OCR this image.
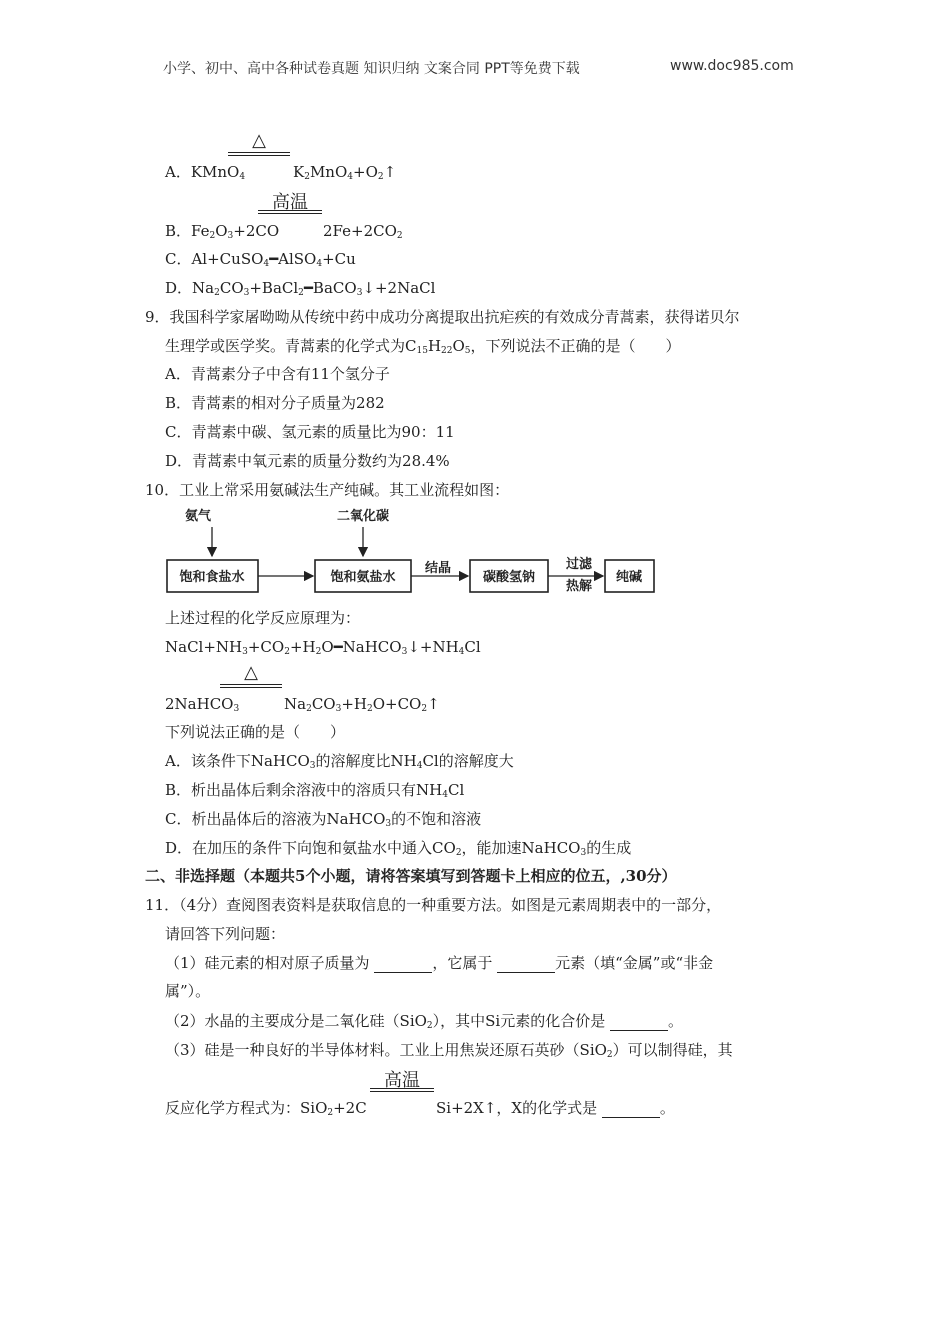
小学、初中、高中各种试卷真题 知识归纳 文案合同 PPT等免费下载	www.doc985.com
△
A．KMnO$_4$	$K_2MnO_4+O_2↑$
高温
B．$Fe_2O_3+2CO$	$2Fe+2CO_2$
C．Al+CuSO$_4$━AlSO$_4$+Cu
D．$Na_2CO_3+BaCl_2━BaCO_3↓+2NaCl$
9．我国科学家屠呦呦从传统中药中成功分离提取出抗疟疾的有效成分青蒿素，获得诺贝尔
生理学或医学奖。青蒿素的化学式为$C_{15}H_{22}O_5$，下列说法不正确的是（　　）
A．青蒿素分子中含有11个氢分子
B．青蒿素的相对分子质量为282
C．青蒿素中碳、氢元素的质量比为90：11
D．青蒿素中氧元素的质量分数约为28.4%
10．工业上常采用氨碱法生产纯碱。其工业流程如图：
氨气	二氧化碳
结晶	过滤
热解
饱和食盐水	饱和氨盐水	碳酸氢钠	纯碱
上述过程的化学反应原理为：
$NaCl+NH_3+CO_2+H_2O━NaHCO_3↓+NH_4Cl$
△
2NaHCO$_3$	$Na_2CO_3+H_2O+CO_2↑$
下列说法正确的是（　　）
A．该条件下NaHCO$_3$的溶解度比$NH_4Cl$的溶解度大
B．析出晶体后剩余溶液中的溶质只有$NH_4Cl$
C．析出晶体后的溶液为NaHCO$_3$的不饱和溶液
D．在加压的条件下向饱和氨盐水中通入$CO_2$，能加速NaHCO$_3$的生成
二、非选择题（本题共5个小题，请将答案填写到答题卡上相应的位五，,30分）
11．（4分）查阅图表资料是获取信息的一种重要方法。如图是元素周期表中的一部分，
请回答下列问题：
（1）硅元素的相对原子质量为	，它属于	元素（填“金属”或“非金
属”）。
（2）水晶的主要成分是二氧化硅（SiO$_2$），其中Si元素的化合价是	。
（3）硅是一种良好的半导体材料。工业上用焦炭还原石英砂（SiO$_2$）可以制得硅，其
高温
反应化学方程式为：SiO$_2$+2C	Si+2X↑，X的化学式是	。
